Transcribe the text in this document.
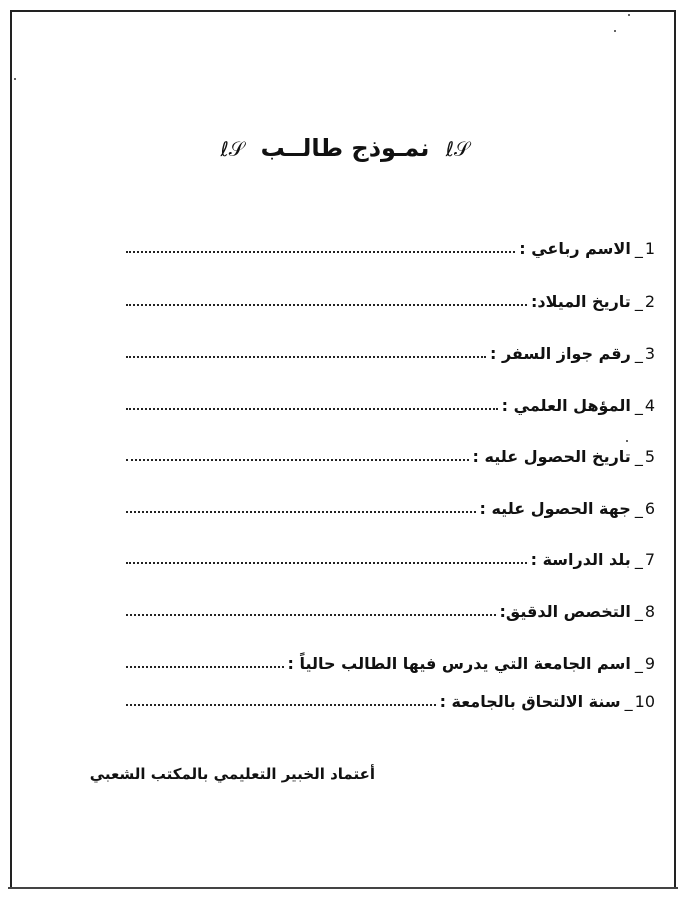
ℓ𝒮 نمـوذج طالــب ℓ𝒮
1
_
الاسم رباعي :
2
_
تاريخ الميلاد:
3
_
رقم جواز السفر :
4
_
المؤهل العلمي :
5
_
تاريخ الحصول عليه :
6
_
جهة الحصول عليه :
7
_
بلد الدراسة :
8
_
التخصص الدقيق:
9
_
اسم الجامعة التي يدرس فيها الطالب حالياً :
10
_
سنة الالتحاق بالجامعة :
أعتماد الخبير التعليمي بالمكتب الشعبي
